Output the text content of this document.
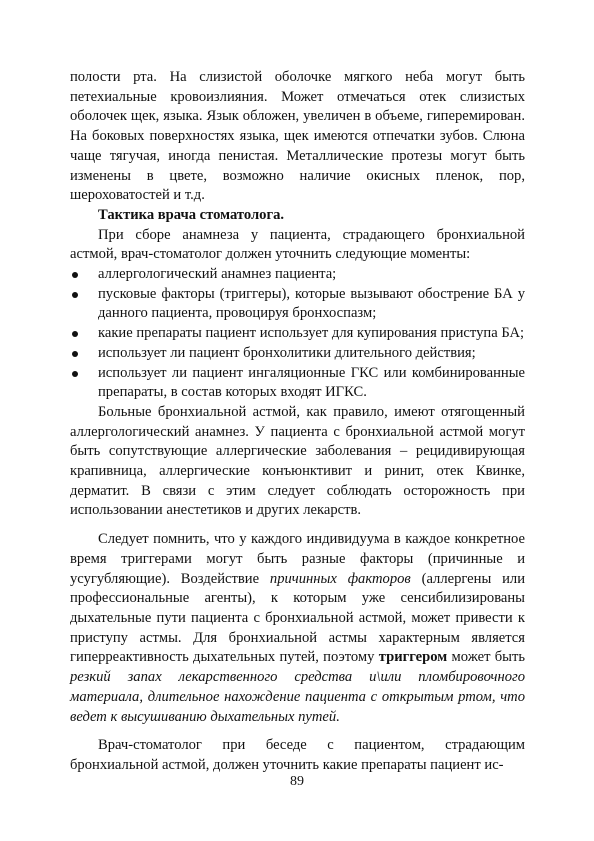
полости рта. На слизистой оболочке мягкого неба могут быть петехиальные кровоизлияния. Может отмечаться отек слизистых оболочек щек, языка. Язык обложен, увеличен в объеме, гиперемирован. На боковых поверхностях языка, щек имеются отпечатки зубов. Слюна чаще тягучая, иногда пенистая. Металлические протезы могут быть изменены в цвете, возможно наличие окисных пленок, пор, шероховатостей и т.д.

Тактика врача стоматолога.

При сборе анамнеза у пациента, страдающего бронхиальной астмой, врач-стоматолог должен уточнить следующие моменты:

аллергологический анамнез пациента;
пусковые факторы (триггеры), которые вызывают обострение БА у данного пациента, провоцируя бронхоспазм;
какие препараты пациент использует для купирования приступа БА;
использует ли пациент бронхолитики длительного действия;
использует ли пациент ингаляционные ГКС или комбинированные препараты, в состав которых входят ИГКС.

Больные бронхиальной астмой, как правило, имеют отягощенный аллергологический анамнез. У пациента с бронхиальной астмой могут быть сопутствующие аллергические заболевания – рецидивирующая крапивница, аллергические конъюнктивит и ринит, отек Квинке, дерматит. В связи с этим следует соблюдать осторожность при использовании анестетиков и других лекарств.

Следует помнить, что у каждого индивидуума в каждое конкретное время триггерами могут быть разные факторы (причинные и усугубляющие). Воздействие причинных факторов (аллергены или профессиональные агенты), к которым уже сенсибилизированы дыхательные пути пациента с бронхиальной астмой, может привести к приступу астмы. Для бронхиальной астмы характерным является гиперреактивность дыхательных путей, поэтому триггером может быть резкий запах лекарственного средства и\или пломбировочного материала, длительное нахождение пациента с открытым ртом, что ведет к высушиванию дыхательных путей.

Врач-стоматолог при беседе с пациентом, страдающим бронхиальной астмой, должен уточнить какие препараты пациент ис-

89
